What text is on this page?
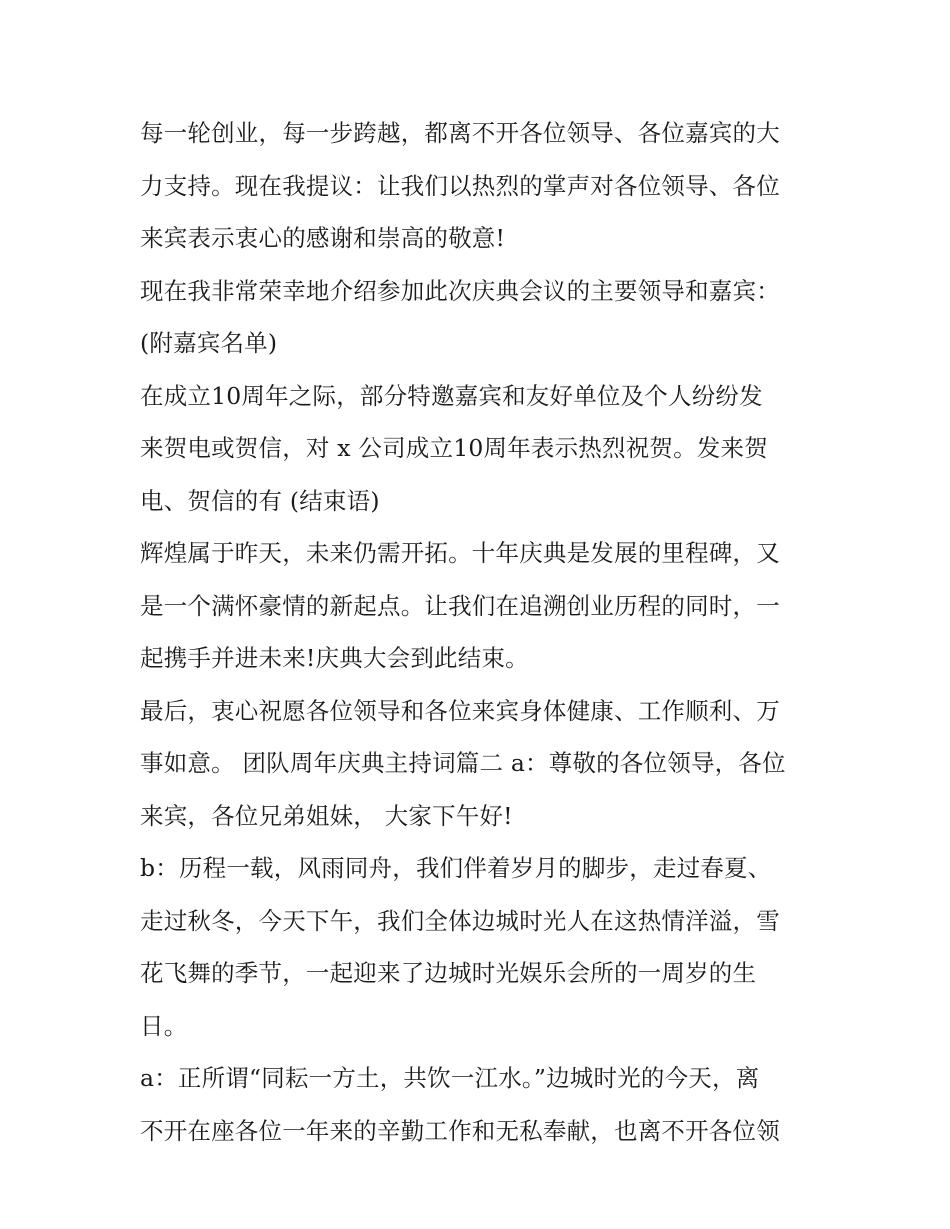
每一轮创业，每一步跨越，都离不开各位领导、各位嘉宾的大
力支持。现在我提议：让我们以热烈的掌声对各位领导、各位
来宾表示衷心的感谢和崇高的敬意!
现在我非常荣幸地介绍参加此次庆典会议的主要领导和嘉宾：
(附嘉宾名单)
在成立10周年之际，部分特邀嘉宾和友好单位及个人纷纷发
来贺电或贺信，对 x 公司成立10周年表示热烈祝贺。发来贺
电、贺信的有 (结束语)
辉煌属于昨天，未来仍需开拓。十年庆典是发展的里程碑，又
是一个满怀豪情的新起点。让我们在追溯创业历程的同时，一
起携手并进未来!庆典大会到此结束。
最后，衷心祝愿各位领导和各位来宾身体健康、工作顺利、万
事如意。 团队周年庆典主持词篇二 a：尊敬的各位领导，各位
来宾，各位兄弟姐妹， 大家下午好!
b：历程一载，风雨同舟，我们伴着岁月的脚步，走过春夏、
走过秋冬，今天下午，我们全体边城时光人在这热情洋溢，雪
花飞舞的季节，一起迎来了边城时光娱乐会所的一周岁的生
日。
a：正所谓“同耘一方土，共饮一江水。”边城时光的今天，离
不开在座各位一年来的辛勤工作和无私奉献，也离不开各位领
